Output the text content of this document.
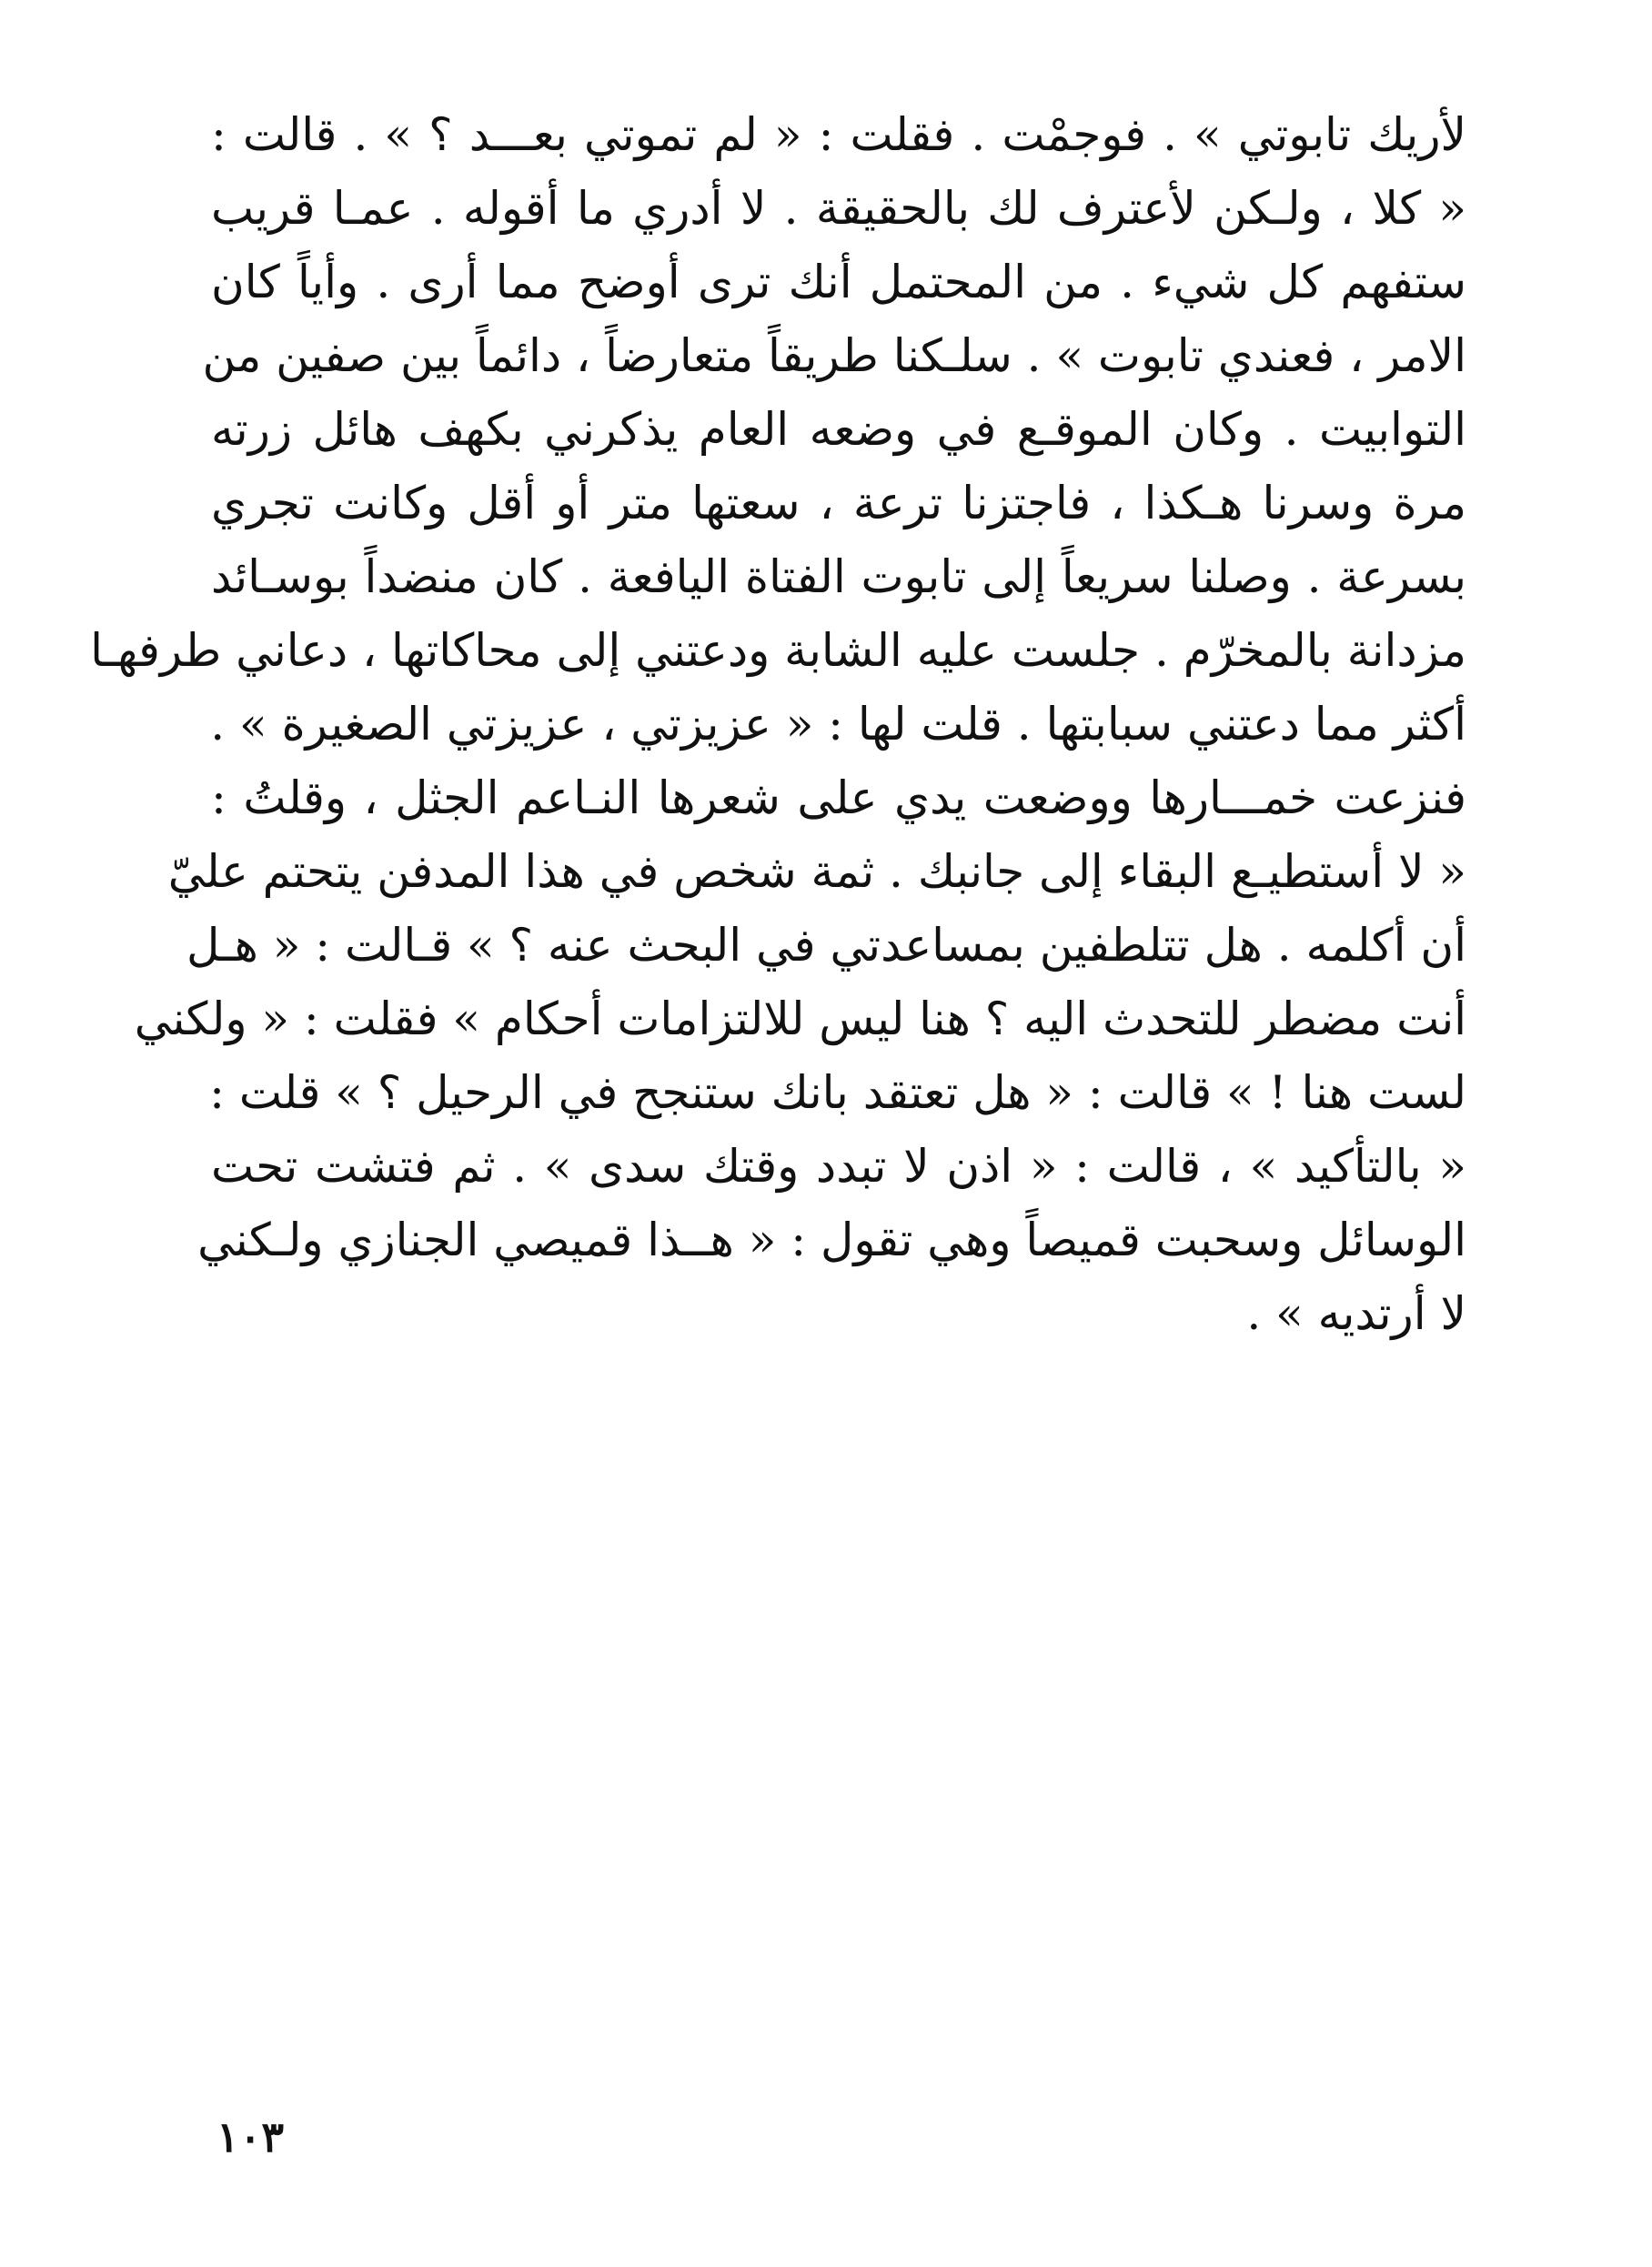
لأريك تابوتي » . فوجمْت . فقلت : « لم تموتي بعـــد ؟ » . قالت :
« كلا ، ولـكن لأعترف لك بالحقيقة . لا أدري ما أقوله . عمـا قريب
ستفهم كل شيء . من المحتمل أنك ترى أوضح مما أرى . وأياً كان
الامر ، فعندي تابوت » . سلـكنا طريقاً متعارضاً ، دائماً بين صفين من
التوابيت . وكان الموقـع في وضعه العام يذكرني بكهف هائل زرته
مرة وسرنا هـكذا ، فاجتزنا ترعة ، سعتها متر أو أقل وكانت تجري
بسرعة . وصلنا سريعاً إلى تابوت الفتاة اليافعة . كان منضداً بوسـائد
مزدانة بالمخرّم . جلست عليه الشابة ودعتني إلى محاكاتها ، دعاني طرفهـا
أكثر مما دعتني سبابتها . قلت لها : « عزيزتي ، عزيزتي الصغيرة » .
فنزعت خمـــارها ووضعت يدي على شعرها النـاعم الجثل ، وقلتُ :
« لا أستطيـع البقاء إلى جانبك . ثمة شخص في هذا المدفن يتحتم عليّ
أن أكلمه . هل تتلطفين بمساعدتي في البحث عنه ؟ » قـالت : « هـل
أنت مضطر للتحدث اليه ؟ هنا ليس للالتزامات أحكام » فقلت : « ولكني
لست هنا ! » قالت : « هل تعتقد بانك ستنجح في الرحيل ؟ » قلت :
« بالتأكيد » ، قالت : « اذن لا تبدد وقتك سدى » . ثم فتشت تحت
الوسائل وسحبت قميصاً وهي تقول : « هــذا قميصي الجنازي ولـكني
لا أرتديه » .
١٠٣
